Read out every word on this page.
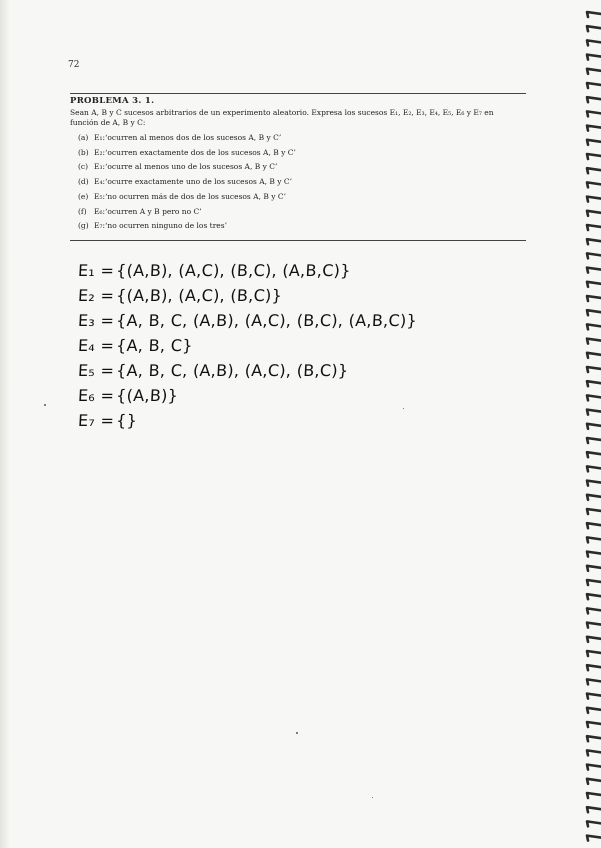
72
PROBLEMA 3. 1.
Sean A, B y C sucesos arbitrarios de un experimento aleatorio. Expresa los sucesos E₁, E₂, E₃, E₄, E₅, E₆ y E₇ en
función de A, B y C:
(a) E₁:‘ocurren al menos dos de los sucesos A, B y C’
(b) E₂:‘ocurren exactamente dos de los sucesos A, B y C’
(c) E₃:‘ocurre al menos uno de los sucesos A, B y C’
(d) E₄:‘ocurre exactamente uno de los sucesos A, B y C’
(e) E₅:‘no ocurren más de dos de los sucesos A, B y C’
(f) E₆:‘ocurren A y B pero no C’
(g) E₇:‘no ocurren ninguno de los tres’
E₁ ={(A,B), (A,C), (B,C), (A,B,C)}
E₂ ={(A,B), (A,C), (B,C)}
E₃ ={A, B, C, (A,B), (A,C), (B,C), (A,B,C)}
E₄ ={A, B, C}
E₅ ={A, B, C, (A,B), (A,C), (B,C)}
E₆ ={(A,B)}
E₇ ={}
